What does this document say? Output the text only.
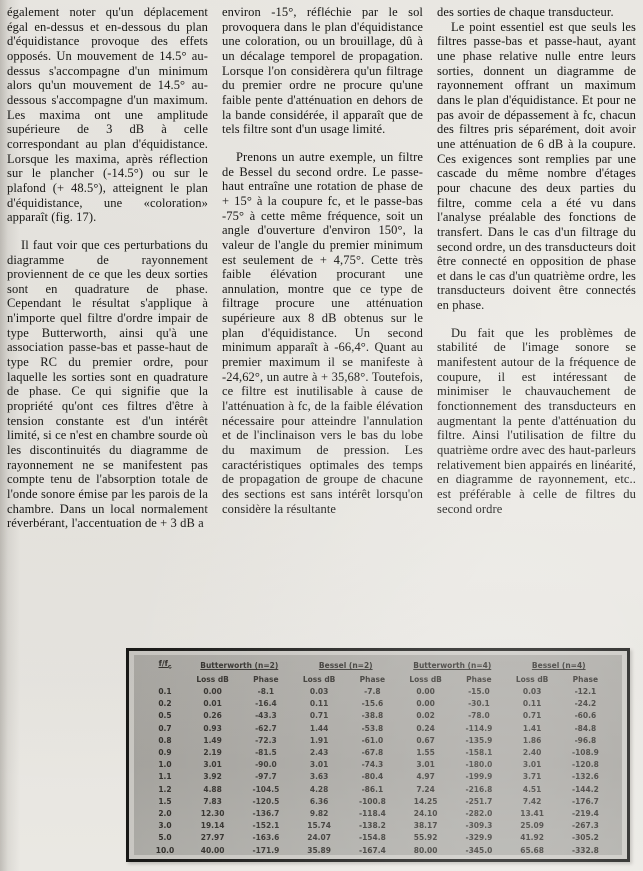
également noter qu'un déplacement égal en-dessus et en-dessous du plan d'équidistance provoque des effets opposés. Un mouvement de 14.5° au-dessus s'accompagne d'un minimum alors qu'un mouvement de 14.5° au-dessous s'accompagne d'un maximum. Les maxima ont une amplitude supérieure de 3 dB à celle correspondant au plan d'équidistance. Lorsque les maxima, après réflection sur le plancher (-14.5°) ou sur le plafond (+ 48.5°), atteignent le plan d'équidistance, une «coloration» apparaît (fig. 17).

Il faut voir que ces perturbations du diagramme de rayonnement proviennent de ce que les deux sorties sont en quadrature de phase. Cependant le résultat s'applique à n'importe quel filtre d'ordre impair de type Butterworth, ainsi qu'à une association passe-bas et passe-haut de type RC du premier ordre, pour laquelle les sorties sont en quadrature de phase. Ce qui signifie que la propriété qu'ont ces filtres d'être à tension constante est d'un intérêt limité, si ce n'est en chambre sourde où les discontinuités du diagramme de rayonnement ne se manifestent pas compte tenu de l'absorption totale de l'onde sonore émise par les parois de la chambre. Dans un local normalement réverbérant, l'accentuation de + 3 dB a

environ -15°, réfléchie par le sol provoquera dans le plan d'équidistance une coloration, ou un brouillage, dû à un décalage temporel de propagation. Lorsque l'on considèrera qu'un filtrage du premier ordre ne procure qu'une faible pente d'atténuation en dehors de la bande considérée, il apparaît que de tels filtre sont d'un usage limité.

Prenons un autre exemple, un filtre de Bessel du second ordre. Le passe-haut entraîne une rotation de phase de + 15° à la coupure fc, et le passe-bas -75° à cette même fréquence, soit un angle d'ouverture d'environ 150°, la valeur de l'angle du premier minimum est seulement de + 4,75°. Cette très faible élévation procurant une annulation, montre que ce type de filtrage procure une atténuation supérieure aux 8 dB obtenus sur le plan d'équidistance. Un second minimum apparaît à -66,4°. Quant au premier maximum il se manifeste à -24,62°, un autre à + 35,68°. Toutefois, ce filtre est inutilisable à cause de l'atténuation à fc, de la faible élévation nécessaire pour atteindre l'annulation et de l'inclinaison vers le bas du lobe du maximum de pression. Les caractéristiques optimales des temps de propagation de groupe de chacune des sections est sans intérêt lorsqu'on considère la résultante

des sorties de chaque transducteur.

Le point essentiel est que seuls les filtres passe-bas et passe-haut, ayant une phase relative nulle entre leurs sorties, donnent un diagramme de rayonnement offrant un maximum dans le plan d'équidistance. Et pour ne pas avoir de dépassement à fc, chacun des filtres pris séparément, doit avoir une atténuation de 6 dB à la coupure. Ces exigences sont remplies par une cascade du même nombre d'étages pour chacune des deux parties du filtre, comme cela a été vu dans l'analyse préalable des fonctions de transfert. Dans le cas d'un filtrage du second ordre, un des transducteurs doit être connecté en opposition de phase et dans le cas d'un quatrième ordre, les transducteurs doivent être connectés en phase.

Du fait que les problèmes de stabilité de l'image sonore se manifestent autour de la fréquence de coupure, il est intéressant de minimiser le chauvauchement de fonctionnement des transducteurs en augmentant la pente d'atténuation du filtre. Ainsi l'utilisation de filtre du quatrième ordre avec des haut-parleurs relativement bien appairés en linéarité, en diagramme de rayonnement, etc.. est préférable à celle de filtres du second ordre

$f/f_c$	Butterworth (n=2)		Bessel (n=2)		Butterworth (n=4)		Bessel (n=4)	
	Loss dB	Phase	Loss dB	Phase	Loss dB	Phase	Loss dB	Phase
0.1	0.00	-8.1	0.03	-7.8	0.00	-15.0	0.03	-12.1
0.2	0.01	-16.4	0.11	-15.6	0.00	-30.1	0.11	-24.2
0.5	0.26	-43.3	0.71	-38.8	0.02	-78.0	0.71	-60.6
0.7	0.93	-62.7	1.44	-53.8	0.24	-114.9	1.41	-84.8
0.8	1.49	-72.3	1.91	-61.0	0.67	-135.9	1.86	-96.8
0.9	2.19	-81.5	2.43	-67.8	1.55	-158.1	2.40	-108.9
1.0	3.01	-90.0	3.01	-74.3	3.01	-180.0	3.01	-120.8
1.1	3.92	-97.7	3.63	-80.4	4.97	-199.9	3.71	-132.6
1.2	4.88	-104.5	4.28	-86.1	7.24	-216.8	4.51	-144.2
1.5	7.83	-120.5	6.36	-100.8	14.25	-251.7	7.42	-176.7
2.0	12.30	-136.7	9.82	-118.4	24.10	-282.0	13.41	-219.4
3.0	19.14	-152.1	15.74	-138.2	38.17	-309.3	25.09	-267.3
5.0	27.97	-163.6	24.07	-154.8	55.92	-329.9	41.92	-305.2
10.0	40.00	-171.9	35.89	-167.4	80.00	-345.0	65.68	-332.8
